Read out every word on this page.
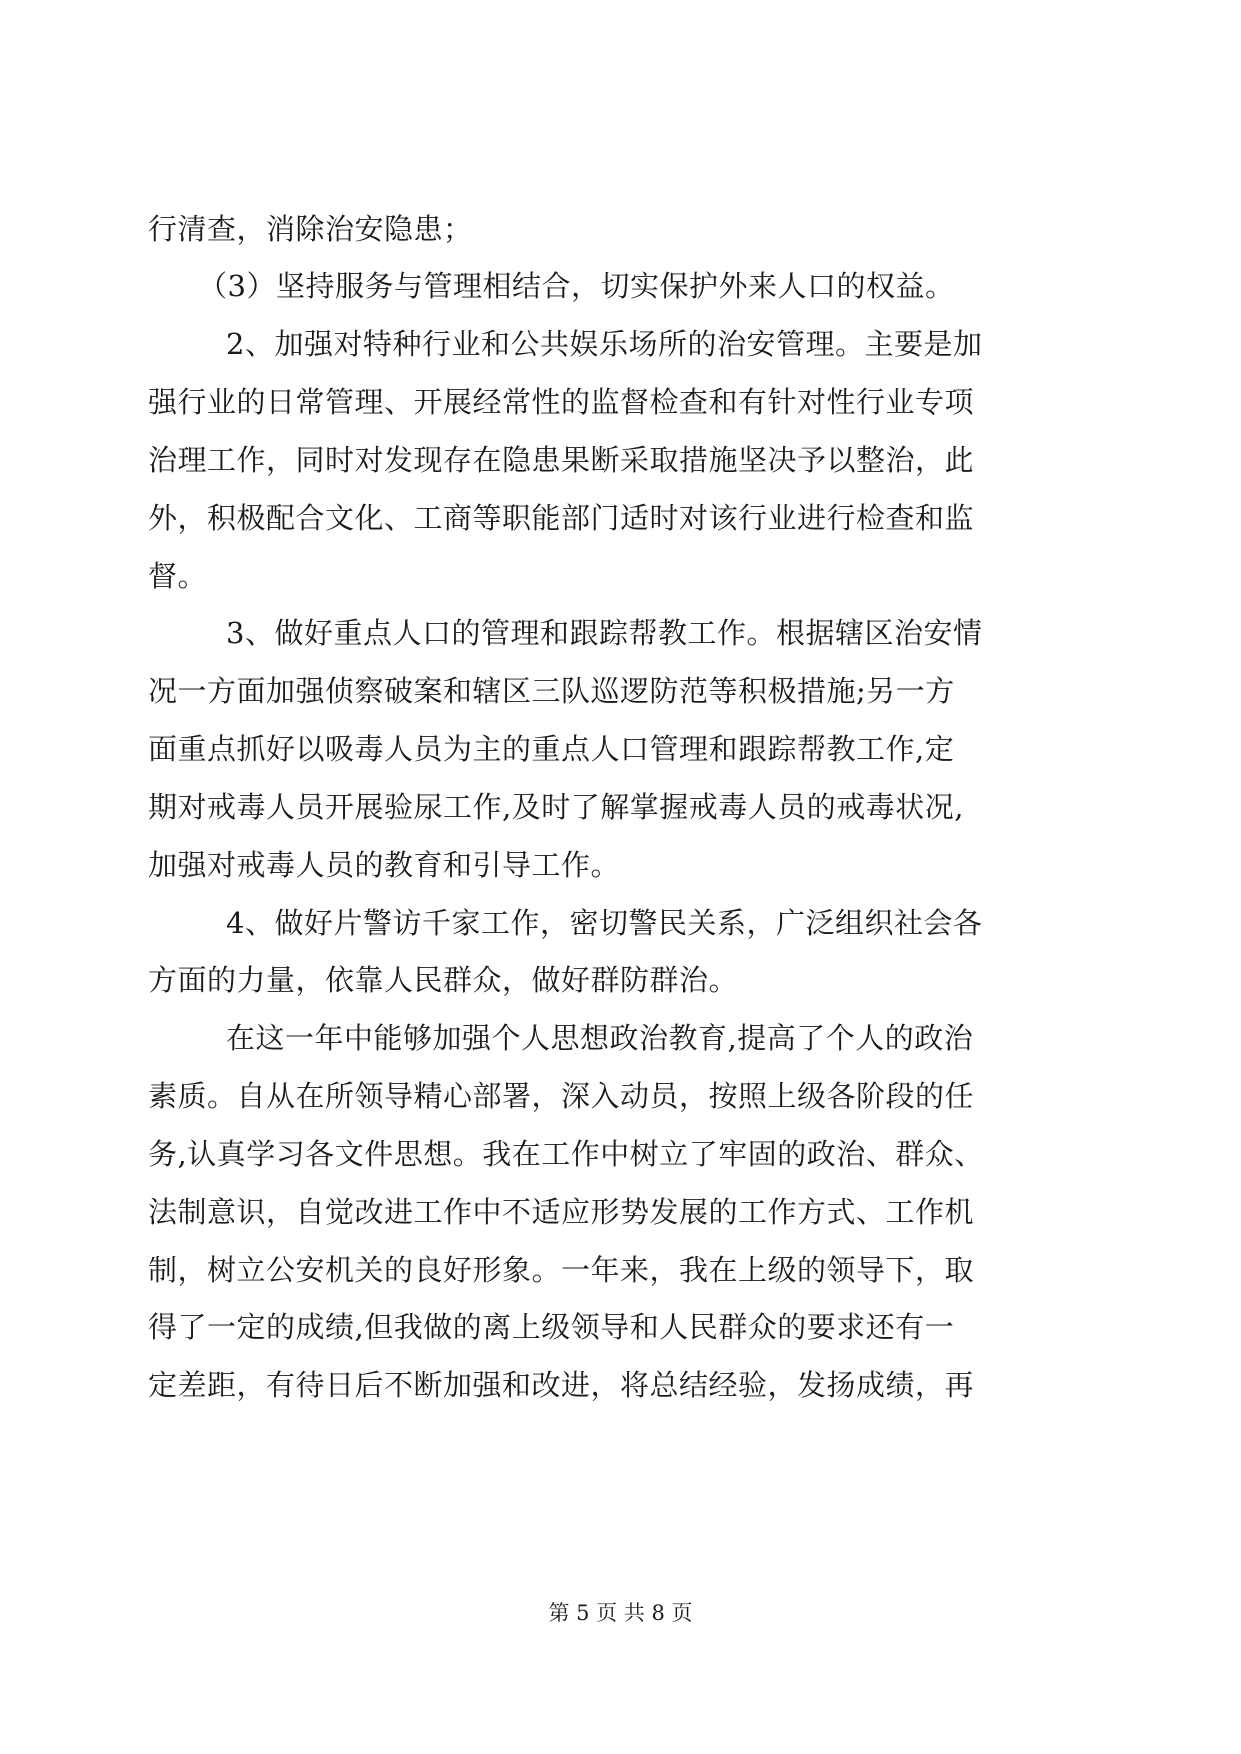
行清查，消除治安隐患；
（3）坚持服务与管理相结合，切实保护外来人口的权益。
2、加强对特种行业和公共娱乐场所的治安管理。主要是加
强行业的日常管理、开展经常性的监督检查和有针对性行业专项
治理工作，同时对发现存在隐患果断采取措施坚决予以整治，此
外，积极配合文化、工商等职能部门适时对该行业进行检查和监
督。
3、做好重点人口的管理和跟踪帮教工作。根据辖区治安情
况一方面加强侦察破案和辖区三队巡逻防范等积极措施;另一方
面重点抓好以吸毒人员为主的重点人口管理和跟踪帮教工作,定
期对戒毒人员开展验尿工作,及时了解掌握戒毒人员的戒毒状况,
加强对戒毒人员的教育和引导工作。
4、做好片警访千家工作，密切警民关系，广泛组织社会各
方面的力量，依靠人民群众，做好群防群治。
在这一年中能够加强个人思想政治教育,提高了个人的政治
素质。自从在所领导精心部署，深入动员，按照上级各阶段的任
务,认真学习各文件思想。我在工作中树立了牢固的政治、群众、
法制意识，自觉改进工作中不适应形势发展的工作方式、工作机
制，树立公安机关的良好形象。一年来，我在上级的领导下，取
得了一定的成绩,但我做的离上级领导和人民群众的要求还有一
定差距，有待日后不断加强和改进，将总结经验，发扬成绩，再
第 5 页 共 8 页
